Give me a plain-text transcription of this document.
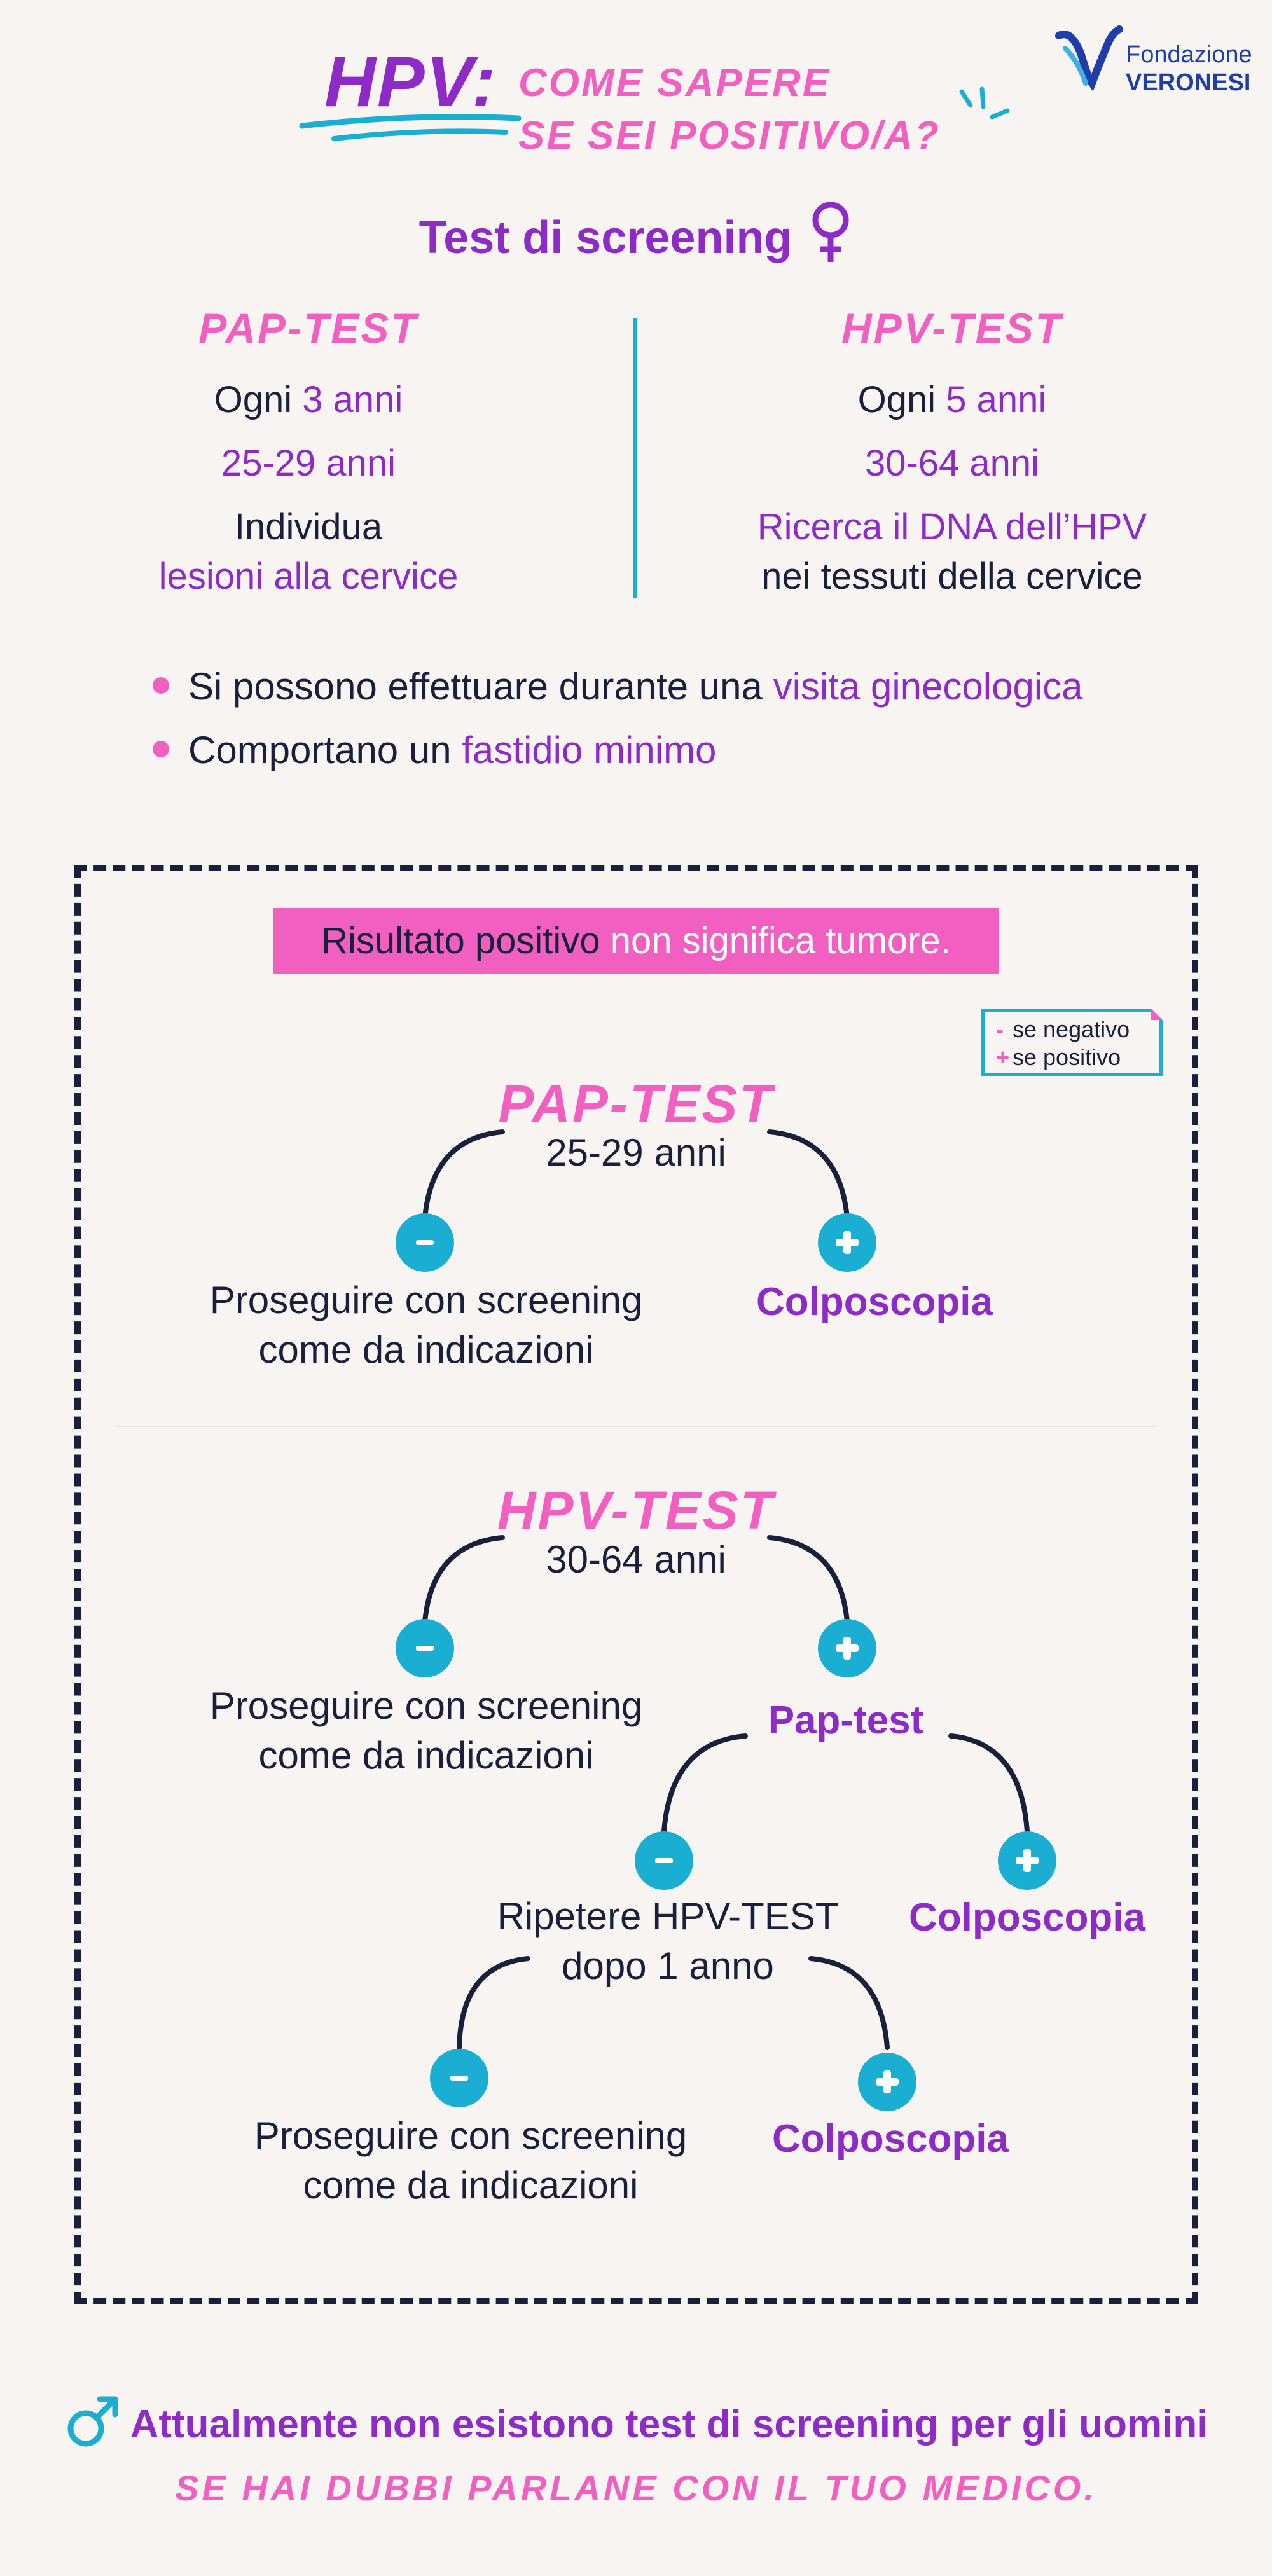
HPV: COME SAPERE
SE SEI POSITIVO/A?
Fondazione
VERONESI
Test di screening
PAP-TEST
Ogni 3 anni
25-29 anni
Individua
lesioni alla cervice
HPV-TEST
Ogni 5 anni
30-64 anni
Ricerca il DNA dell’HPV
nei tessuti della cervice
Si possono effettuare durante una visita ginecologica
Comportano un fastidio minimo
Risultato positivo non significa tumore.
- se negativo
+ se positivo
PAP-TEST
25-29 anni
Proseguire con screening
come da indicazioni
Colposcopia
HPV-TEST
30-64 anni
Proseguire con screening
come da indicazioni
Pap-test
Ripetere HPV-TEST
dopo 1 anno
Colposcopia
Proseguire con screening
come da indicazioni
Colposcopia
Attualmente non esistono test di screening per gli uomini
SE HAI DUBBI PARLANE CON IL TUO MEDICO.
